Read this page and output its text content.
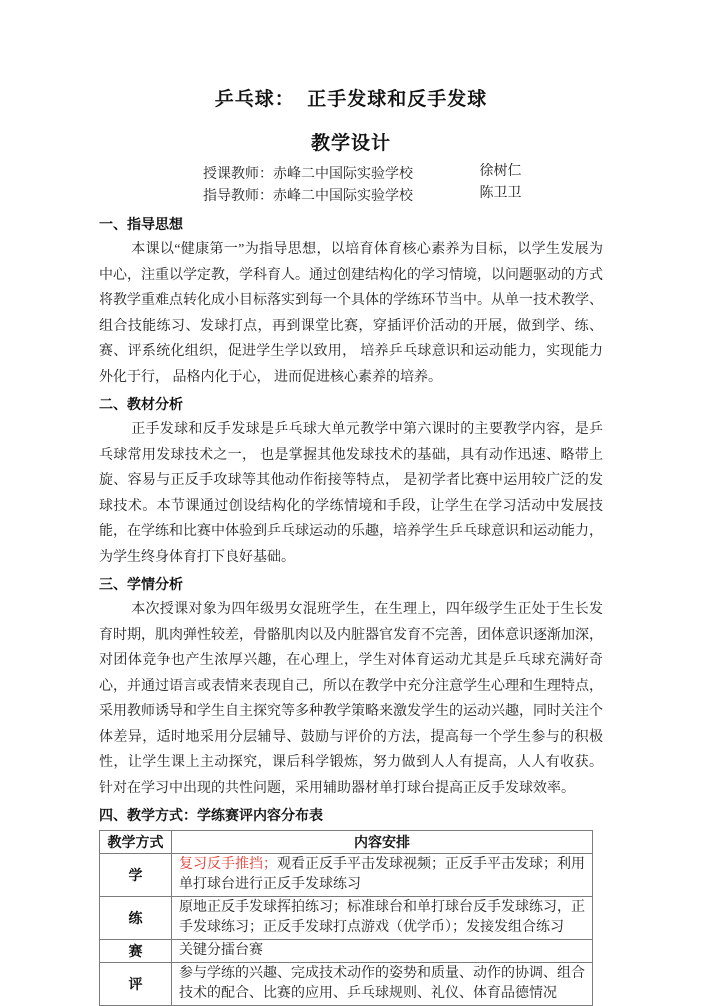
乒乓球：  正手发球和反手发球
教学设计
授课教师：赤峰二中国际实验学校	徐树仁
指导教师：赤峰二中国际实验学校	陈卫卫
一、指导思想

本课以“健康第一”为指导思想，以培育体育核心素养为目标，以学生发展为中心，注重以学定教，学科育人。通过创建结构化的学习情境，以问题驱动的方式将教学重难点转化成小目标落实到每一个具体的学练环节当中。从单一技术教学、组合技能练习、发球打点，再到课堂比赛，穿插评价活动的开展，做到学、练、赛、评系统化组织，促进学生学以致用， 培养乒乓球意识和运动能力，实现能力外化于行， 品格内化于心， 进而促进核心素养的培养。

二、教材分析

正手发球和反手发球是乒乓球大单元教学中第六课时的主要教学内容，是乒乓球常用发球技术之一， 也是掌握其他发球技术的基础，具有动作迅速、略带上旋、容易与正反手攻球等其他动作衔接等特点， 是初学者比赛中运用较广泛的发球技术。本节课通过创设结构化的学练情境和手段，让学生在学习活动中发展技能，在学练和比赛中体验到乒乓球运动的乐趣，培养学生乒乓球意识和运动能力，为学生终身体育打下良好基础。

三、学情分析

本次授课对象为四年级男女混班学生，在生理上，四年级学生正处于生长发育时期，肌肉弹性较差，骨骼肌肉以及内脏器官发育不完善，团体意识逐渐加深，对团体竞争也产生浓厚兴趣，在心理上，学生对体育运动尤其是乒乓球充满好奇心，并通过语言或表情来表现自己，所以在教学中充分注意学生心理和生理特点，采用教师诱导和学生自主探究等多种教学策略来激发学生的运动兴趣，同时关注个体差异，适时地采用分层辅导、鼓励与评价的方法，提高每一个学生参与的积极性，让学生课上主动探究，课后科学锻炼，努力做到人人有提高，人人有收获。 针对在学习中出现的共性问题，采用辅助器材单打球台提高正反手发球效率。

四、教学方式：学练赛评内容分布表
教学方式	内容安排
学	复习反手推挡；观看正反手平击发球视频；正反手平击发球；利用单打球台进行正反手发球练习
练	原地正反手发球挥拍练习；标准球台和单打球台反手发球练习，正手发球练习；正反手发球打点游戏（优学币）；发接发组合练习
赛	关键分擂台赛
评	参与学练的兴趣、完成技术动作的姿势和质量、动作的协调、组合技术的配合、比赛的应用、乒乓球规则、礼仪、体育品德情况
